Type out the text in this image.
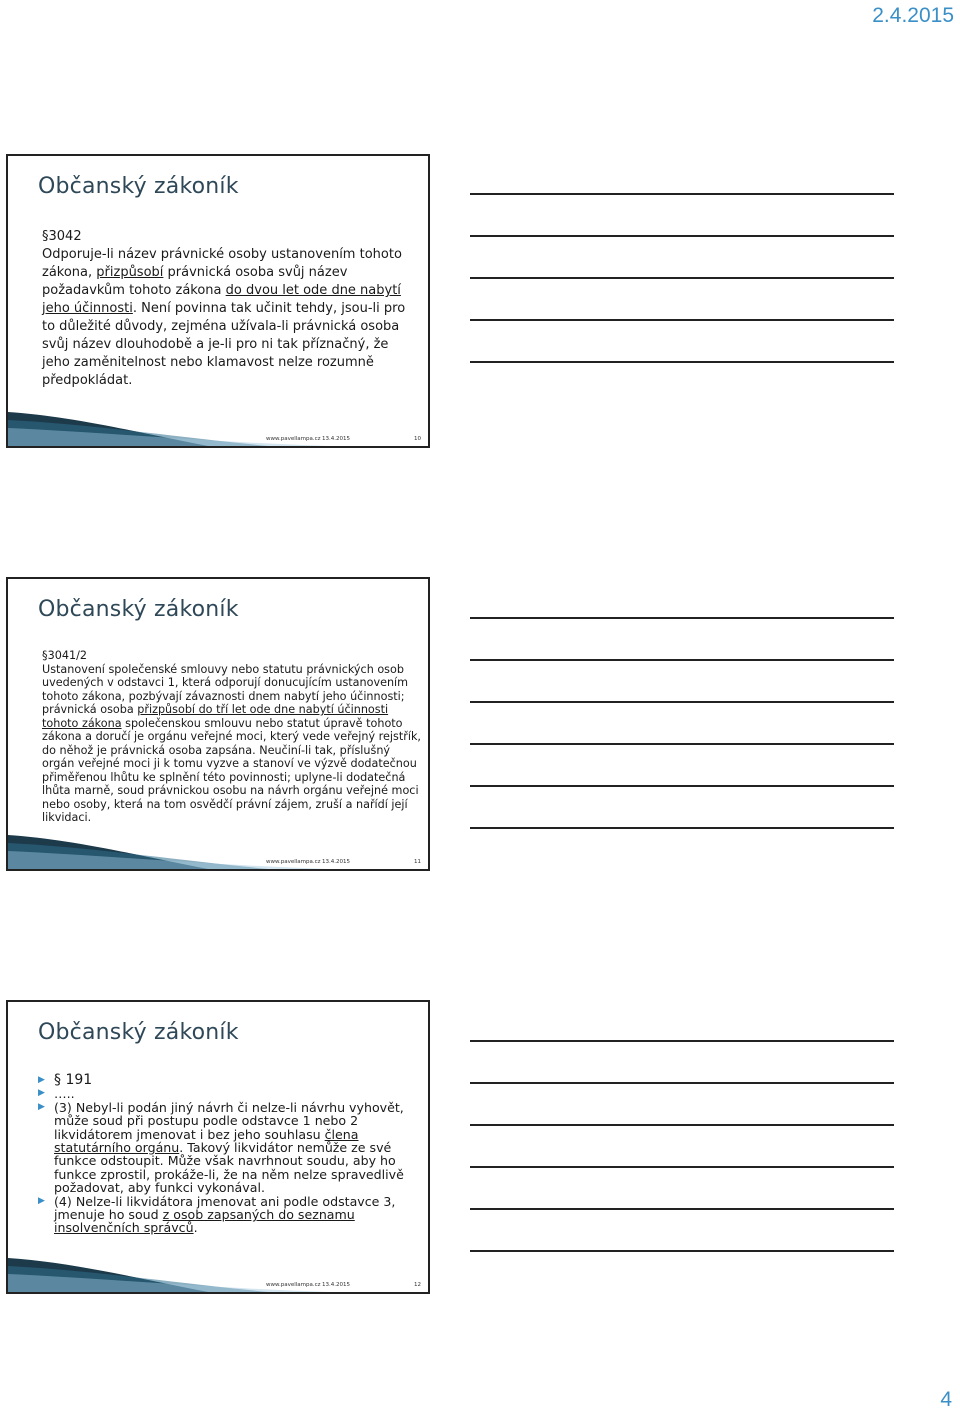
2.4.2015
Občanský zákoník
§3042
Odporuje-li název právnické osoby ustanovením tohoto zákona, přizpůsobí právnická osoba svůj název požadavkům tohoto zákona do dvou let ode dne nabytí jeho účinnosti. Není povinna tak učinit tehdy, jsou-li pro to důležité důvody, zejména užívala-li právnická osoba svůj název dlouhodobě a je-li pro ni tak příznačný, že jeho zaměnitelnost nebo klamavost nelze rozumně předpokládat.
www.pavellampa.cz 13.4.2015	10
Občanský zákoník
§3041/2
Ustanovení společenské smlouvy nebo statutu právnických osob uvedených v odstavci 1, která odporují donucujícím ustanovením tohoto zákona, pozbývají závaznosti dnem nabytí jeho účinnosti; právnická osoba přizpůsobí do tří let ode dne nabytí účinnosti tohoto zákona společenskou smlouvu nebo statut úpravě tohoto zákona a doručí je orgánu veřejné moci, který vede veřejný rejstřík, do něhož je právnická osoba zapsána. Neučiní-li tak, příslušný orgán veřejné moci ji k tomu vyzve a stanoví ve výzvě dodatečnou přiměřenou lhůtu ke splnění této povinnosti; uplyne-li dodatečná lhůta marně, soud právnickou osobu na návrh orgánu veřejné moci nebo osoby, která na tom osvědčí právní zájem, zruší a nařídí její likvidaci.
www.pavellampa.cz 13.4.2015	11
Občanský zákoník
▶ § 191
▶ …..
▶ (3) Nebyl-li podán jiný návrh či nelze-li návrhu vyhovět, může soud při postupu podle odstavce 1 nebo 2 likvidátorem jmenovat i bez jeho souhlasu člena statutárního orgánu. Takový likvidátor nemůže ze své funkce odstoupit. Může však navrhnout soudu, aby ho funkce zprostil, prokáže-li, že na něm nelze spravedlivě požadovat, aby funkci vykonával.
▶ (4) Nelze-li likvidátora jmenovat ani podle odstavce 3, jmenuje ho soud z osob zapsaných do seznamu insolvenčních správců.
www.pavellampa.cz 13.4.2015	12
4
